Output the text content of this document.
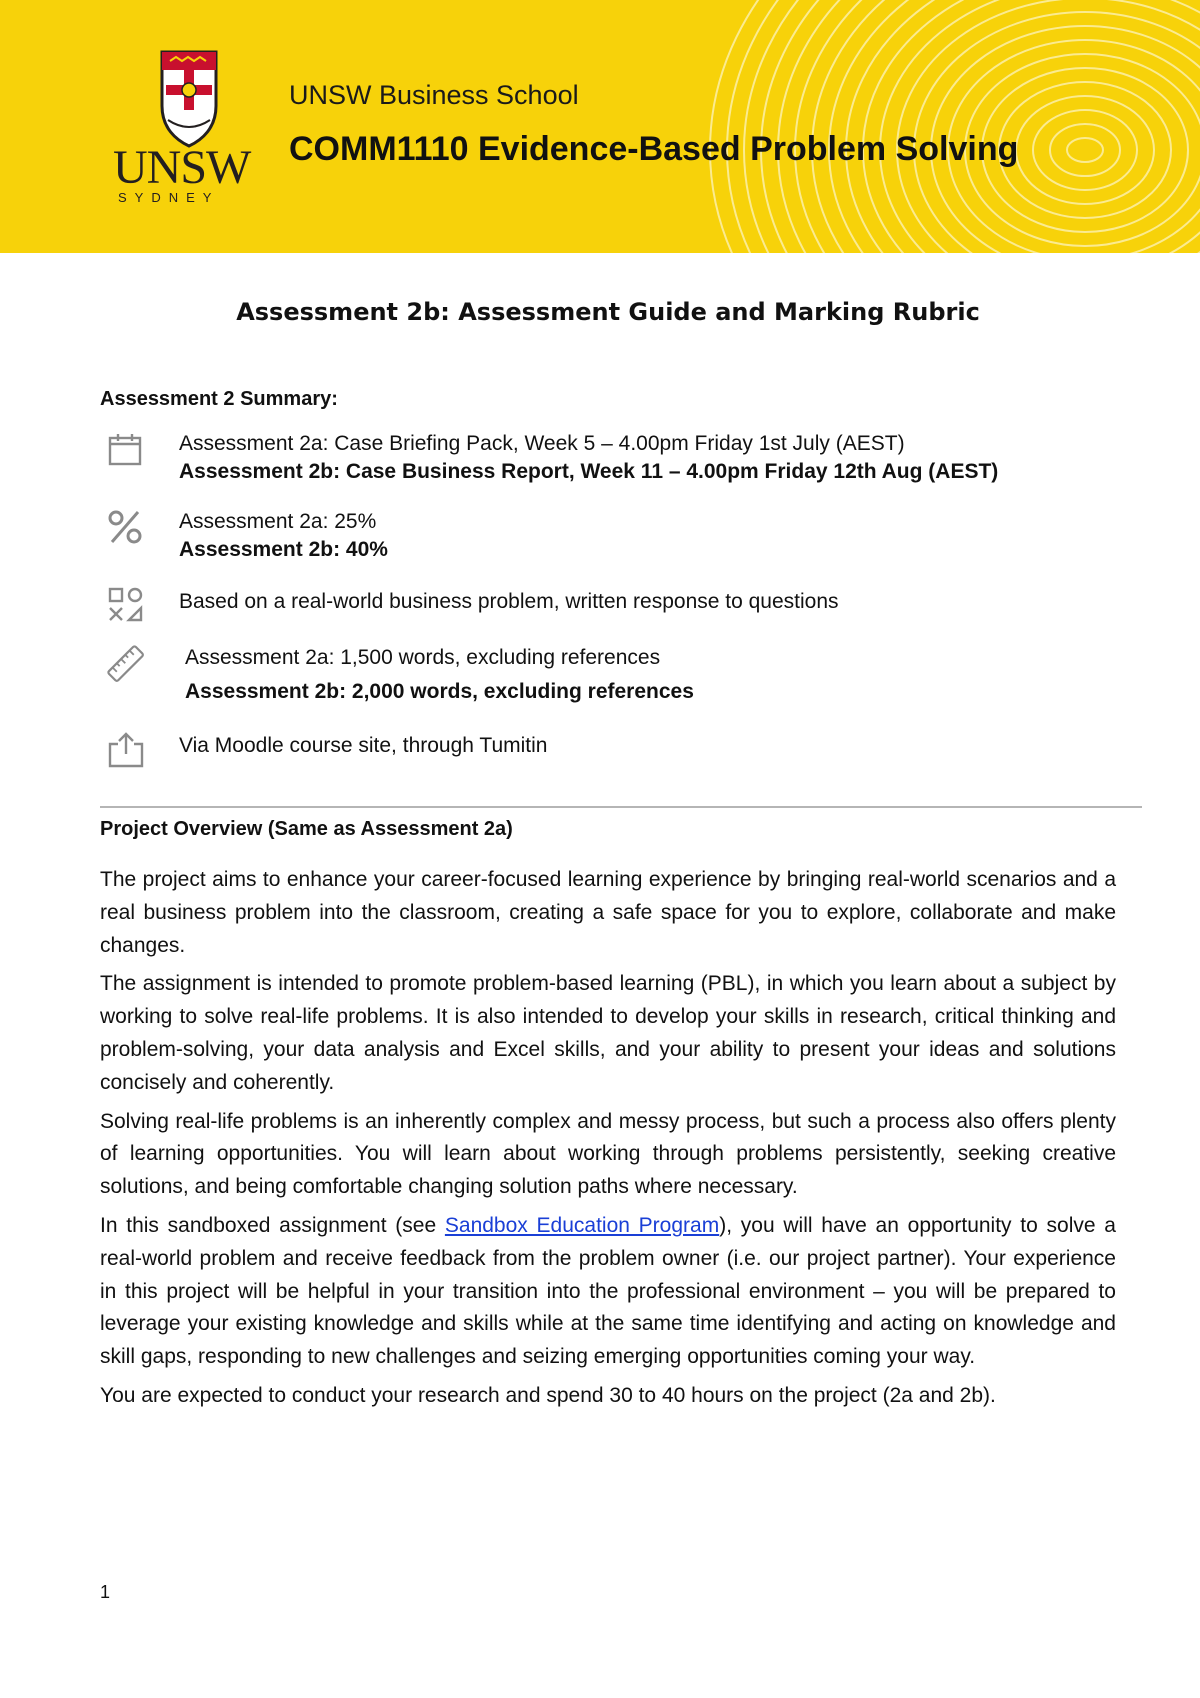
UNSW
SYDNEY
UNSW Business School
COMM1110 Evidence-Based Problem Solving
Assessment 2b: Assessment Guide and Marking Rubric
Assessment 2 Summary:
Assessment 2a: Case Briefing Pack, Week 5 – 4.00pm Friday 1st July (AEST)
Assessment 2b: Case Business Report, Week 11 – 4.00pm Friday 12th Aug (AEST)
Assessment 2a: 25%
Assessment 2b: 40%
Based on a real-world business problem, written response to questions
Assessment 2a: 1,500 words, excluding references
Assessment 2b: 2,000 words, excluding references
Via Moodle course site, through Tumitin
Project Overview (Same as Assessment 2a)

The project aims to enhance your career-focused learning experience by bringing real-world scenarios and a real business problem into the classroom, creating a safe space for you to explore, collaborate and make changes.

The assignment is intended to promote problem-based learning (PBL), in which you learn about a subject by working to solve real-life problems. It is also intended to develop your skills in research, critical thinking and problem-solving, your data analysis and Excel skills, and your ability to present your ideas and solutions concisely and coherently.

Solving real-life problems is an inherently complex and messy process, but such a process also offers plenty of learning opportunities. You will learn about working through problems persistently, seeking creative solutions, and being comfortable changing solution paths where necessary.

In this sandboxed assignment (see Sandbox Education Program), you will have an opportunity to solve a real-world problem and receive feedback from the problem owner (i.e. our project partner). Your experience in this project will be helpful in your transition into the professional environment – you will be prepared to leverage your existing knowledge and skills while at the same time identifying and acting on knowledge and skill gaps, responding to new challenges and seizing emerging opportunities coming your way.

You are expected to conduct your research and spend 30 to 40 hours on the project (2a and 2b).

1
